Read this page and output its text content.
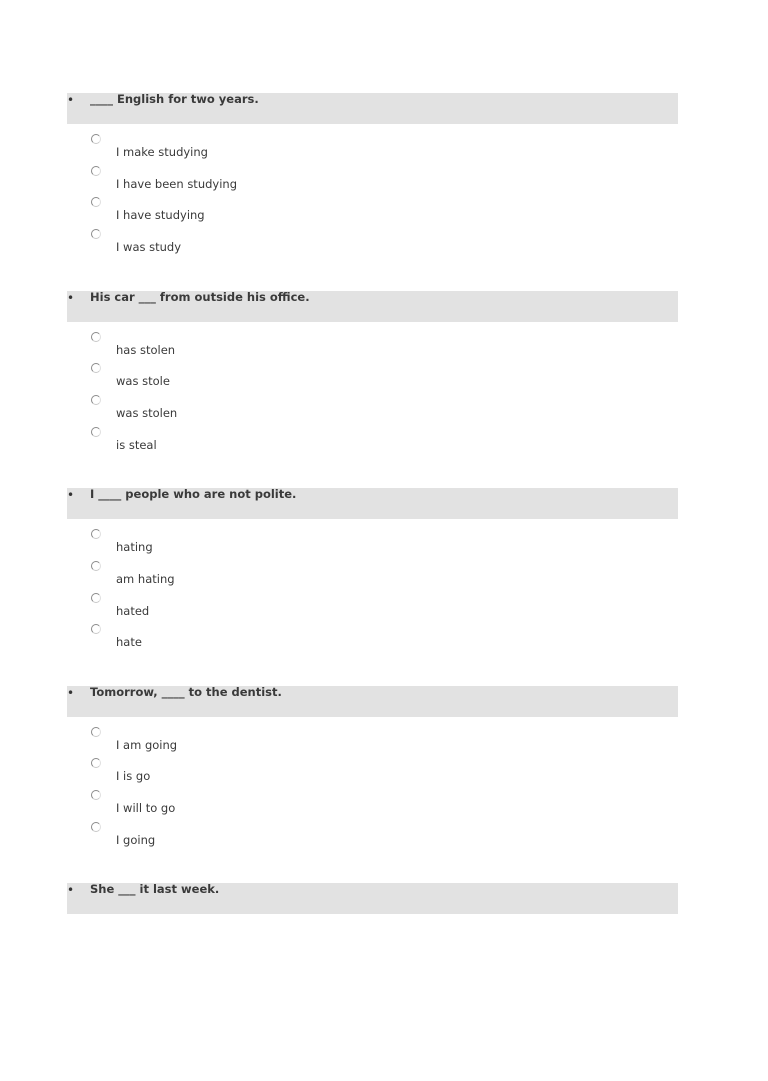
• ____ English for two years.
I make studying
I have been studying
I have studying
I was study
• His car ___ from outside his office.
has stolen
was stole
was stolen
is steal
• I ____ people who are not polite.
hating
am hating
hated
hate
• Tomorrow, ____ to the dentist.
I am going
I is go
I will to go
I going
• She ___ it last week.
